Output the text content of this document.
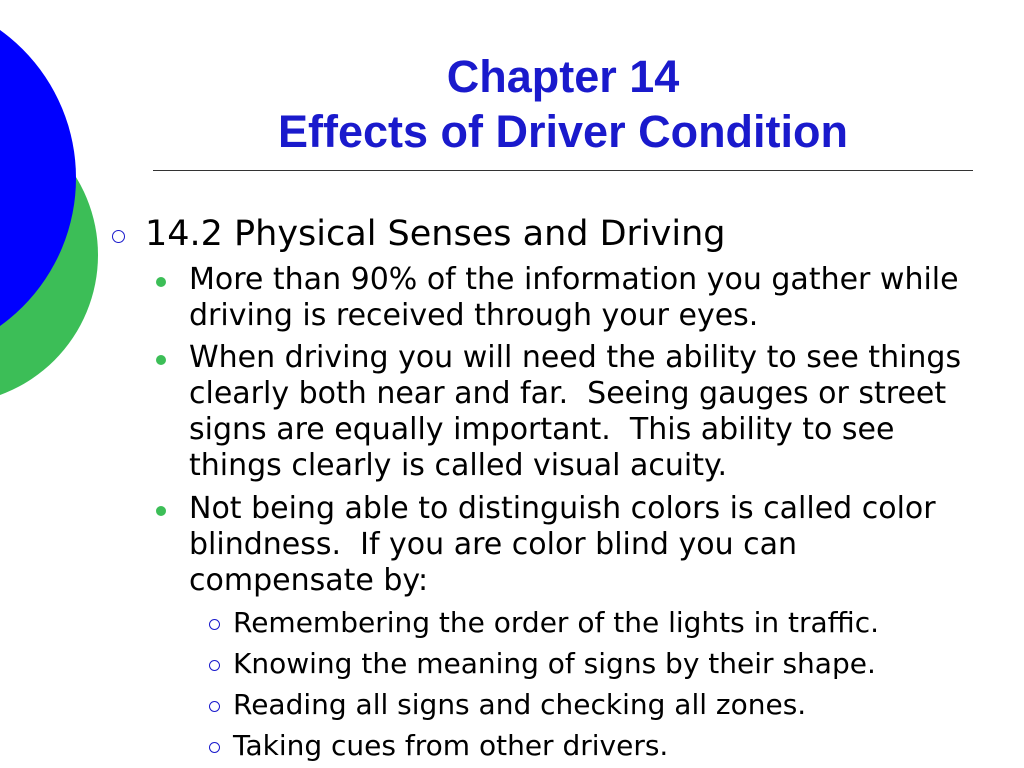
Chapter 14
Effects of Driver Condition
14.2 Physical Senses and Driving
More than 90% of the information you gather while
driving is received through your eyes.
When driving you will need the ability to see things
clearly both near and far.  Seeing gauges or street
signs are equally important.  This ability to see
things clearly is called visual acuity.
Not being able to distinguish colors is called color
blindness.  If you are color blind you can
compensate by:
Remembering the order of the lights in traffic.
Knowing the meaning of signs by their shape.
Reading all signs and checking all zones.
Taking cues from other drivers.
